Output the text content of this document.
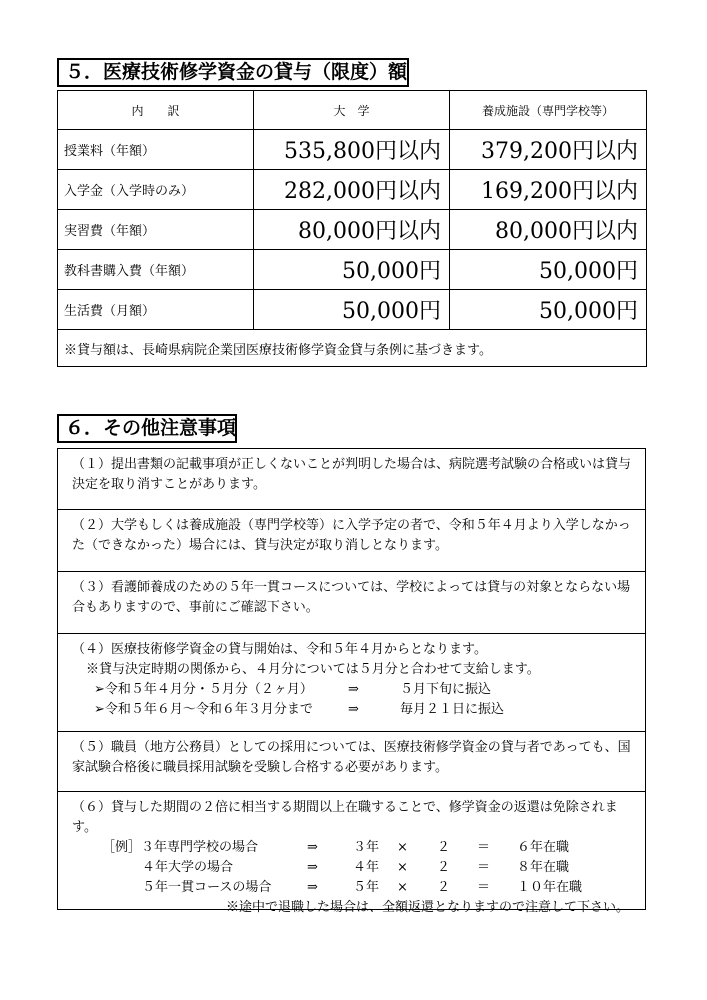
５．医療技術修学資金の貸与（限度）額
内　　訳	大　学	養成施設（専門学校等）
授業料（年額）	535,800円以内	379,200円以内
入学金（入学時のみ）	282,000円以内	169,200円以内
実習費（年額）	80,000円以内	80,000円以内
教科書購入費（年額）	50,000円	50,000円
生活費（月額）	50,000円	50,000円
※貸与額は、長崎県病院企業団医療技術修学資金貸与条例に基づきます。		
６．その他注意事項
（１）提出書類の記載事項が正しくないことが判明した場合は、病院選考試験の合格或いは貸与決定を取り消すことがあります。
（２）大学もしくは養成施設（専門学校等）に入学予定の者で、令和５年４月より入学しなかった（できなかった）場合には、貸与決定が取り消しとなります。
（３）看護師養成のための５年一貫コースについては、学校によっては貸与の対象とならない場合もありますので、事前にご確認下さい。
（４）医療技術修学資金の貸与開始は、令和５年４月からとなります。
※貸与決定時期の関係から、４月分については５月分と合わせて支給します。
➢令和５年４月分・５月分（２ヶ月）	⇒	５月下旬に振込
➢令和５年６月～令和６年３月分まで	⇒	毎月２１日に振込
（５）職員（地方公務員）としての採用については、医療技術修学資金の貸与者であっても、国家試験合格後に職員採用試験を受験し合格する必要があります。
（６）貸与した期間の２倍に相当する期間以上在職することで、修学資金の返還は免除されます。
［例］３年専門学校の場合	⇒	３年 × ２ ＝ ６年在職
４年大学の場合	⇒	４年 × ２ ＝ ８年在職
５年一貫コースの場合	⇒	５年 × ２ ＝ １０年在職
※途中で退職した場合は、全額返還となりますので注意して下さい。
